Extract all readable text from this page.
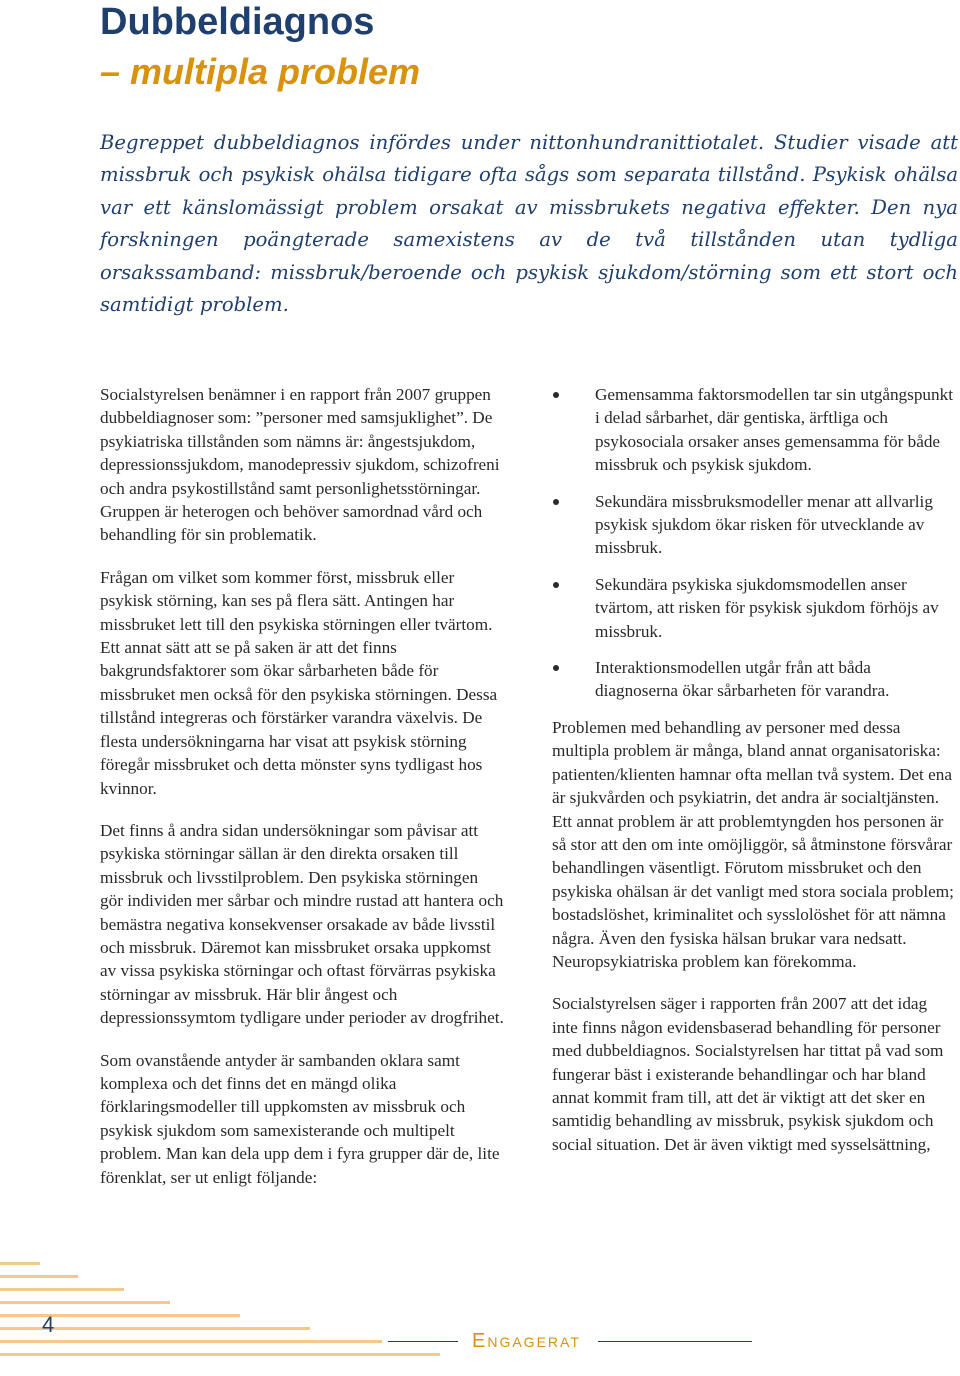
Dubbeldiagnos
– multipla problem

Begreppet dubbeldiagnos infördes under nittonhundranittiotalet. Studier visade att missbruk och psykisk ohälsa tidigare ofta sågs som separata tillstånd. Psykisk ohälsa var ett känslomässigt problem orsakat av missbrukets negativa effekter. Den nya forskningen poängterade samexistens av de två tillstånden utan tydliga orsakssamband: missbruk/beroende och psykisk sjukdom/störning som ett stort och samtidigt problem.

Socialstyrelsen benämner i en rapport från 2007 gruppen dubbeldiagnoser som: ”personer med samsjuklighet”. De psykiatriska tillstånden som nämns är: ångestsjukdom, depressionssjukdom, manodepressiv sjukdom, schizofreni och andra psykostillstånd samt personlighetsstörningar. Gruppen är heterogen och behöver samordnad vård och behandling för sin problematik.

Frågan om vilket som kommer först, missbruk eller psykisk störning, kan ses på flera sätt. Antingen har missbruket lett till den psykiska störningen eller tvärtom. Ett annat sätt att se på saken är att det finns bakgrundsfaktorer som ökar sårbarheten både för missbruket men också för den psykiska störningen. Dessa tillstånd integreras och förstärker varandra växelvis. De flesta undersökningarna har visat att psykisk störning föregår missbruket och detta mönster syns tydligast hos kvinnor.

Det finns å andra sidan undersökningar som påvisar att psykiska störningar sällan är den direkta orsaken till missbruk och livsstilproblem. Den psykiska störningen gör individen mer sårbar och mindre rustad att hantera och bemästra negativa konsekvenser orsakade av både livsstil och missbruk. Däremot kan missbruket orsaka uppkomst av vissa psykiska störningar och oftast förvärras psykiska störningar av missbruk. Här blir ångest och depressionssymtom tydligare under perioder av drogfrihet.

Som ovanstående antyder är sambanden oklara samt komplexa och det finns det en mängd olika förklaringsmodeller till uppkomsten av missbruk och psykisk sjukdom som samexisterande och multipelt problem. Man kan dela upp dem i fyra grupper där de, lite förenklat, ser ut enligt följande:

Gemensamma faktorsmodellen tar sin utgångspunkt i delad sårbarhet, där gentiska, ärftliga och psykosociala orsaker anses gemensamma för både missbruk och psykisk sjukdom.
Sekundära missbruksmodeller menar att allvarlig psykisk sjukdom ökar risken för utvecklande av missbruk.
Sekundära psykiska sjukdomsmodellen anser tvärtom, att risken för psykisk sjukdom förhöjs av missbruk.
Interaktionsmodellen utgår från att båda diagnoserna ökar sårbarheten för varandra.

Problemen med behandling av personer med dessa multipla problem är många, bland annat organisatoriska: patienten/klienten hamnar ofta mellan två system. Det ena är sjukvården och psykiatrin, det andra är socialtjänsten. Ett annat problem är att problemtyngden hos personen är så stor att den om inte omöjliggör, så åtminstone försvårar behandlingen väsentligt. Förutom missbruket och den psykiska ohälsan är det vanligt med stora sociala problem; bostadslöshet, kriminalitet och sysslolöshet för att nämna några. Även den fysiska hälsan brukar vara nedsatt. Neuropsykiatriska problem kan förekomma.

Socialstyrelsen säger i rapporten från 2007 att det idag inte finns någon evidensbaserad behandling för personer med dubbeldiagnos. Socialstyrelsen har tittat på vad som fungerar bäst i existerande behandlingar och har bland annat kommit fram till, att det är viktigt att det sker en samtidig behandling av missbruk, psykisk sjukdom och social situation. Det är även viktigt med sysselsättning,

4
Engagerat
